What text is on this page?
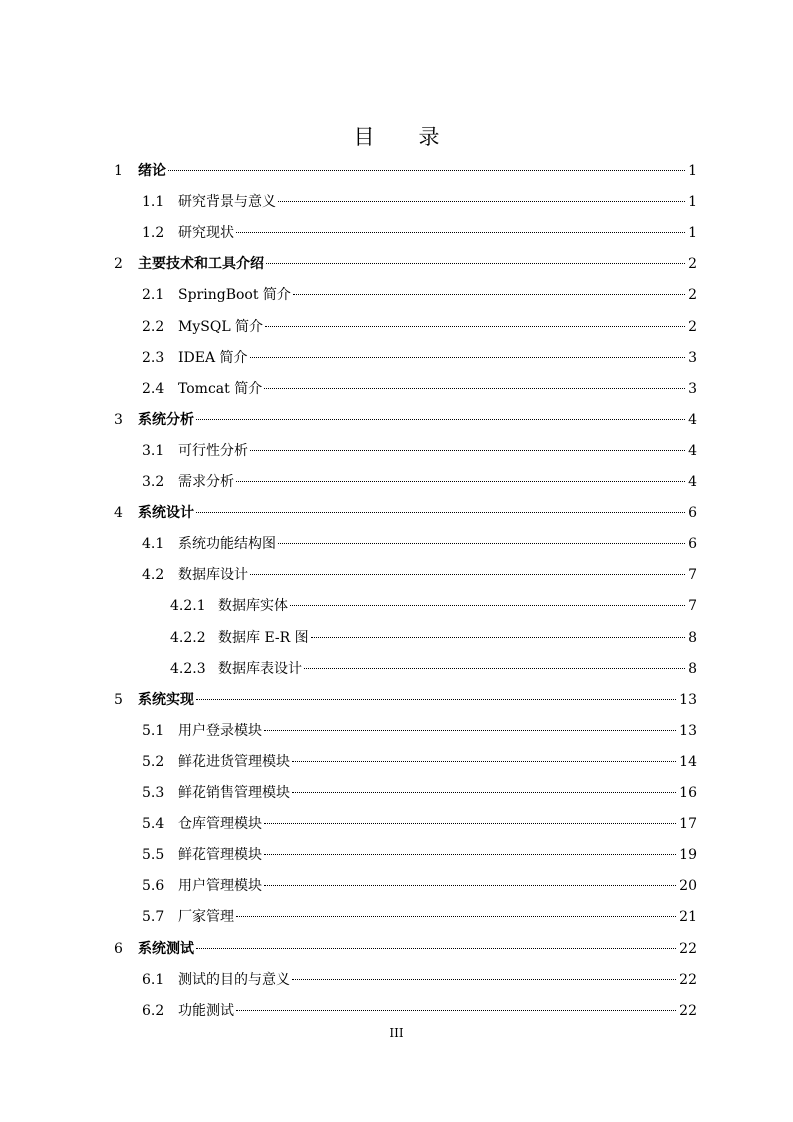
目 录
1	绪论	1
1.1 研究背景与意义	1
1.2 研究现状	1
2	主要技术和工具介绍	2
2.1 SpringBoot 简介	2
2.2 MySQL 简介	2
2.3 IDEA 简介	3
2.4 Tomcat 简介	3
3	系统分析	4
3.1 可行性分析	4
3.2 需求分析	4
4	系统设计	6
4.1 系统功能结构图	6
4.2 数据库设计	7
4.2.1 数据库实体	7
4.2.2 数据库 E-R 图	8
4.2.3 数据库表设计	8
5	系统实现	13
5.1 用户登录模块	13
5.2 鲜花进货管理模块	14
5.3 鲜花销售管理模块	16
5.4 仓库管理模块	17
5.5 鲜花管理模块	19
5.6 用户管理模块	20
5.7 厂家管理	21
6	系统测试	22
6.1 测试的目的与意义	22
6.2 功能测试	22
III
